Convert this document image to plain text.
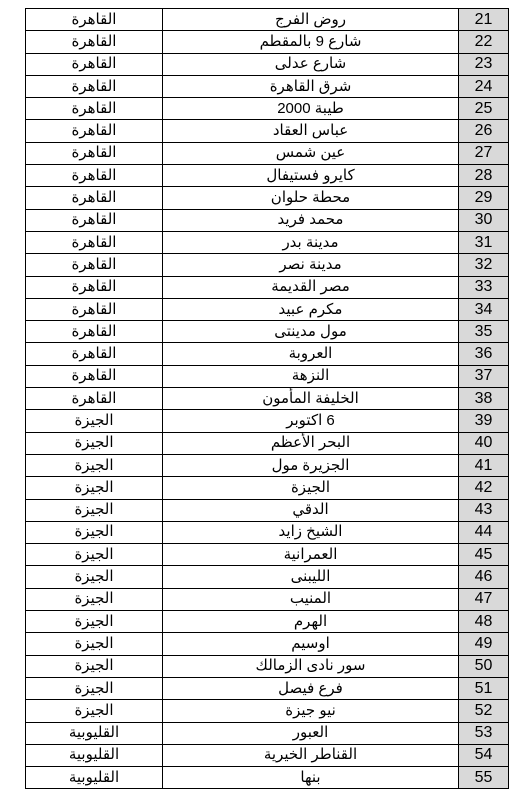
القاهرة	روض الفرج	21
القاهرة	شارع 9 بالمقطم	22
القاهرة	شارع عدلى	23
القاهرة	شرق القاهرة	24
القاهرة	طيبة 2000	25
القاهرة	عباس العقاد	26
القاهرة	عين شمس	27
القاهرة	كايرو فستيفال	28
القاهرة	محطة حلوان	29
القاهرة	محمد فريد	30
القاهرة	مدينة بدر	31
القاهرة	مدينة نصر	32
القاهرة	مصر القديمة	33
القاهرة	مكرم عبيد	34
القاهرة	مول مدينتى	35
القاهرة	العروبة	36
القاهرة	النزهة	37
القاهرة	الخليفة المأمون	38
الجيزة	6 اكتوبر	39
الجيزة	البحر الأعظم	40
الجيزة	الجزيرة مول	41
الجيزة	الجيزة	42
الجيزة	الدقي	43
الجيزة	الشيخ زايد	44
الجيزة	العمرانية	45
الجيزة	الليبنى	46
الجيزة	المنيب	47
الجيزة	الهرم	48
الجيزة	اوسيم	49
الجيزة	سور نادى الزمالك	50
الجيزة	فرع فيصل	51
الجيزة	نيو جيزة	52
القليوبية	العبور	53
القليوبية	القناطر الخيرية	54
القليوبية	بنها	55
